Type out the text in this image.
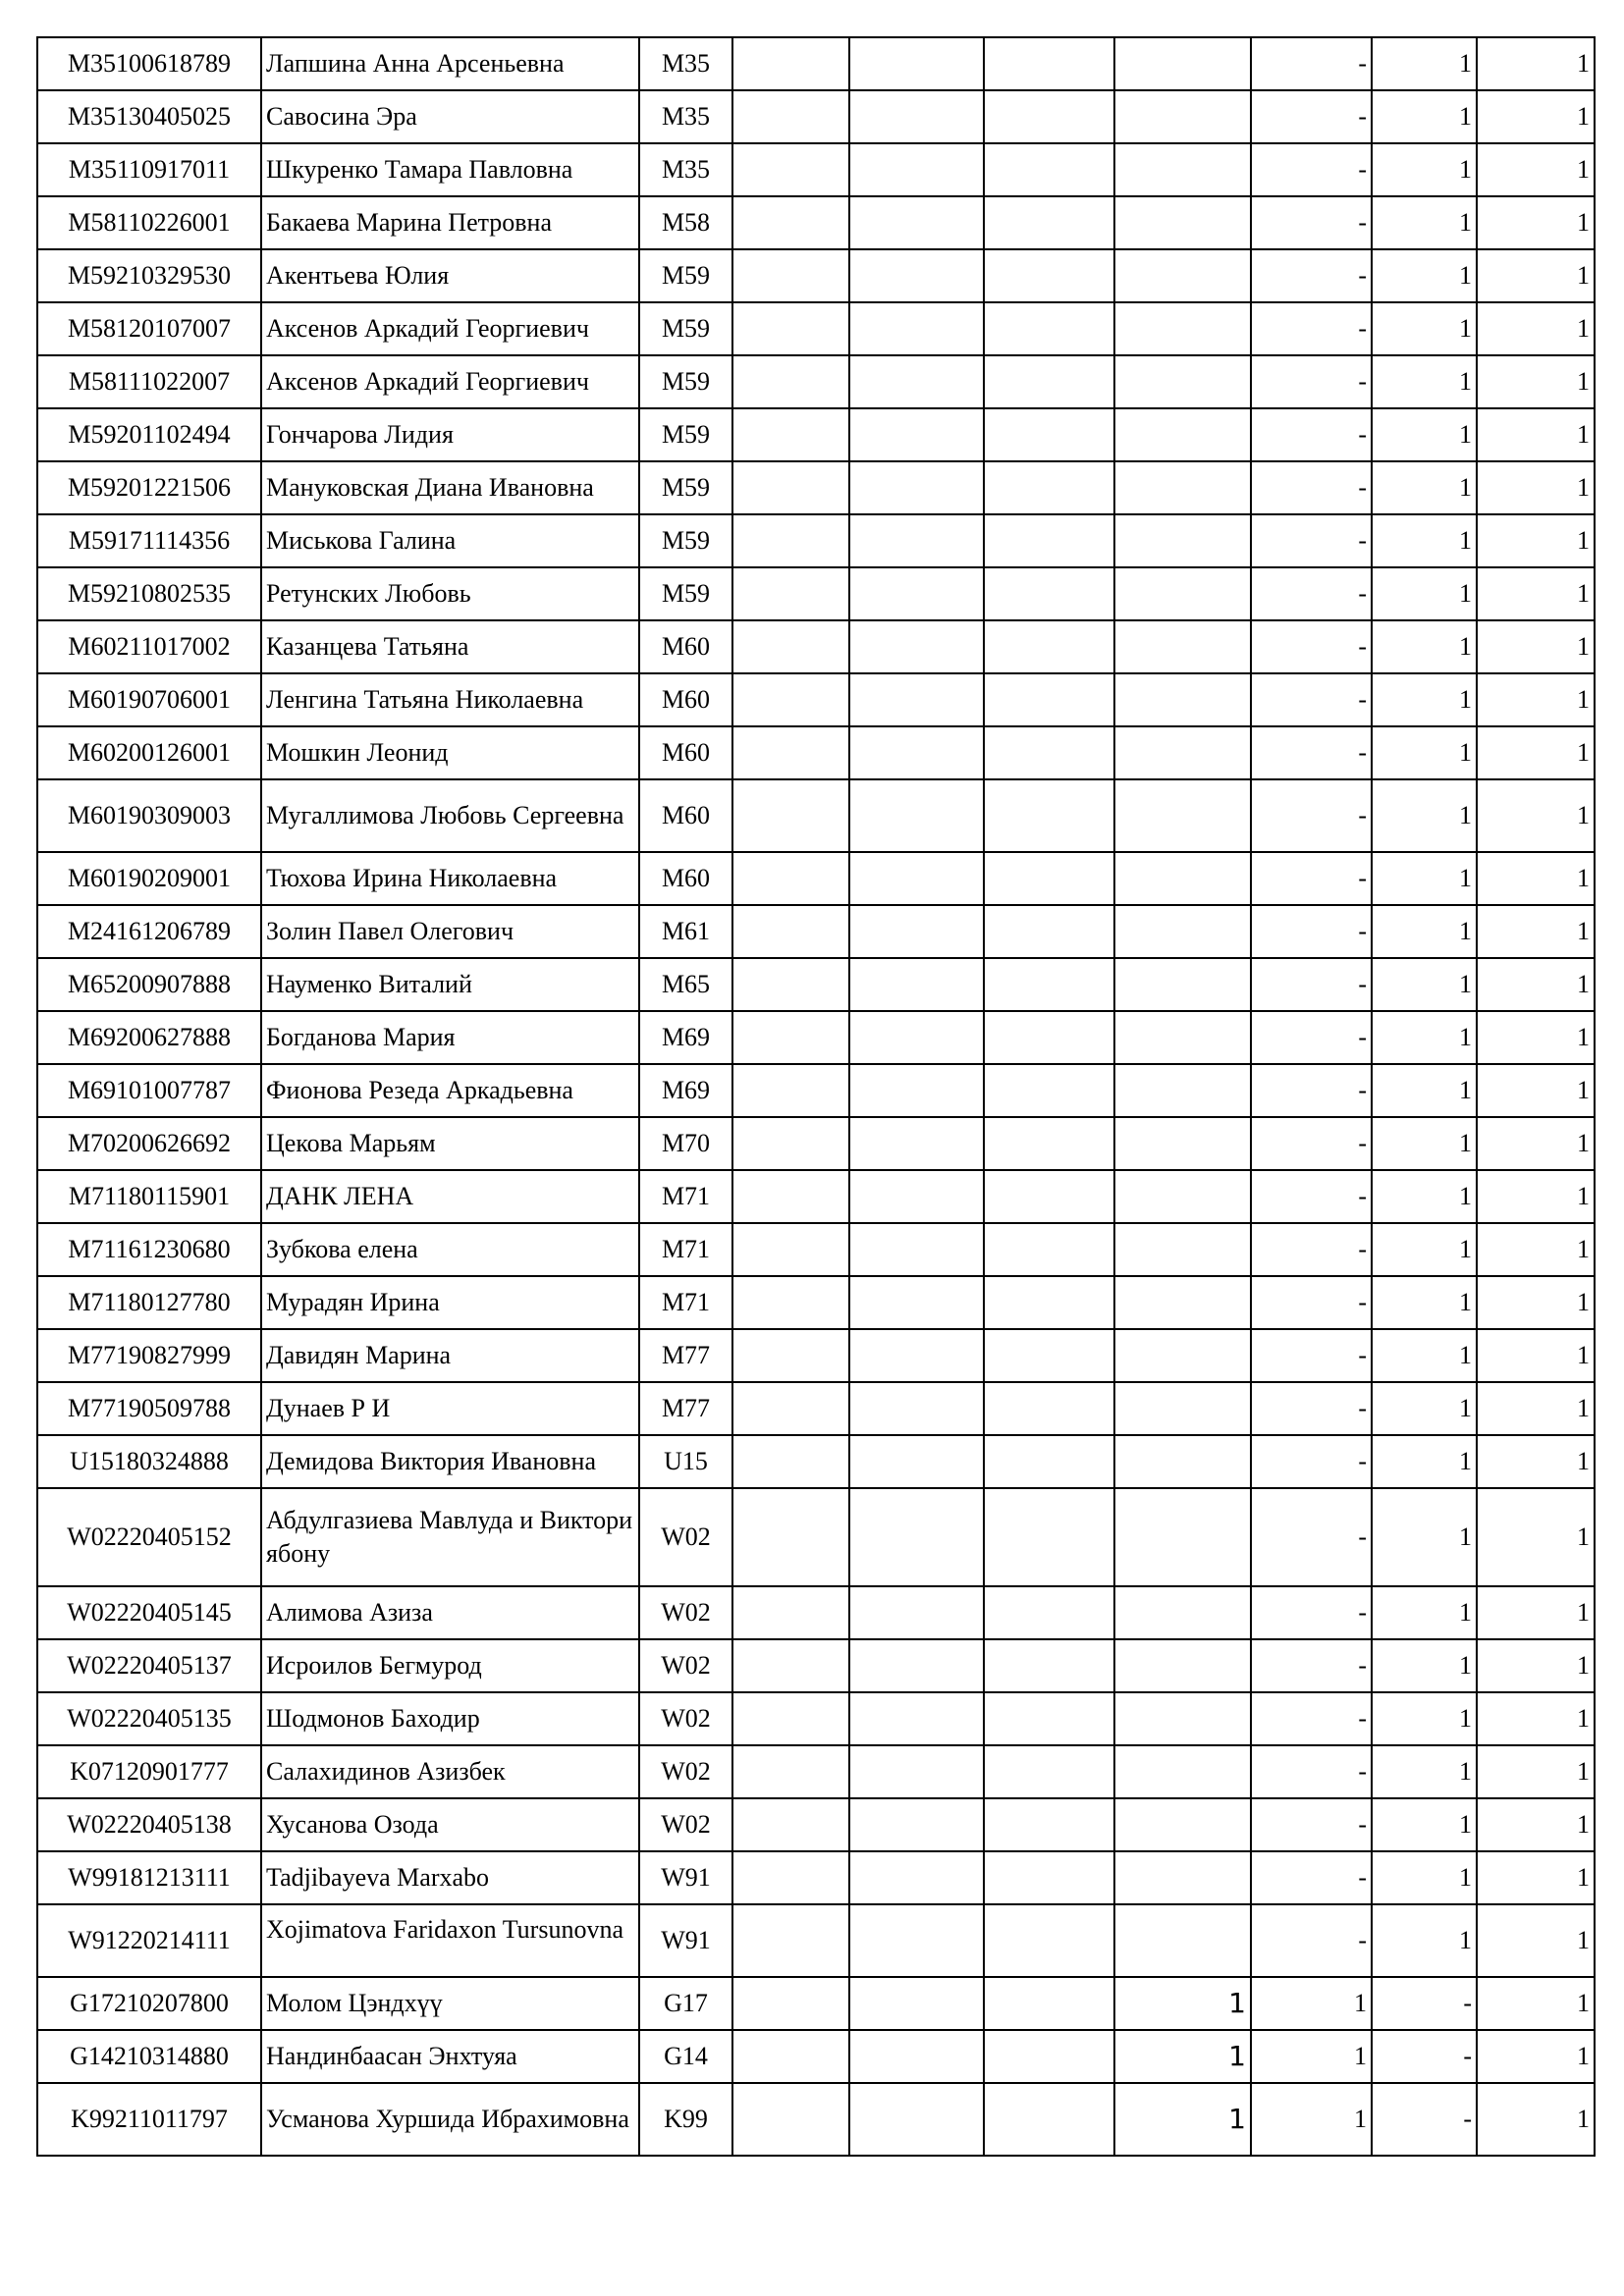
M35100618789	Лапшина Анна Арсеньевна	M35					-	1	1
M35130405025	Савосина Эра	M35					-	1	1
M35110917011	Шкуренко Тамара Павловна	M35					-	1	1
M58110226001	Бакаева Марина Петровна	M58					-	1	1
M59210329530	Акентьева Юлия	M59					-	1	1
M58120107007	Аксенов Аркадий Георгиевич	M59					-	1	1
M58111022007	Аксенов Аркадий Георгиевич	M59					-	1	1
M59201102494	Гончарова Лидия	M59					-	1	1
M59201221506	Мануковская Диана Ивановна	M59					-	1	1
M59171114356	Миськова Галина	M59					-	1	1
M59210802535	Ретунских Любовь	M59					-	1	1
M60211017002	Казанцева Татьяна	M60					-	1	1
M60190706001	Ленгина Татьяна Николаевна	M60					-	1	1
M60200126001	Мошкин Леонид	M60					-	1	1
M60190309003	Мугаллимова Любовь Сергеевна	M60					-	1	1
M60190209001	Тюхова Ирина Николаевна	M60					-	1	1
M24161206789	Золин Павел Олегович	M61					-	1	1
M65200907888	Науменко Виталий	M65					-	1	1
M69200627888	Богданова Мария	M69					-	1	1
M69101007787	Фионова Резеда Аркадьевна	M69					-	1	1
M70200626692	Цекова Марьям	M70					-	1	1
M71180115901	ДАНК ЛЕНА	M71					-	1	1
M71161230680	Зубкова елена	M71					-	1	1
M71180127780	Мурадян Ирина	M71					-	1	1
M77190827999	Давидян Марина	M77					-	1	1
M77190509788	Дунаев Р И	M77					-	1	1
U15180324888	Демидова Виктория Ивановна	U15					-	1	1
W02220405152	Абдулгазиева Мавлуда и Викториябону	W02					-	1	1
W02220405145	Алимова Азиза	W02					-	1	1
W02220405137	Исроилов Бегмурод	W02					-	1	1
W02220405135	Шодмонов Баходир	W02					-	1	1
K07120901777	Салахидинов Азизбек	W02					-	1	1
W02220405138	Хусанова Озода	W02					-	1	1
W99181213111	Tadjibayeva Marxabo	W91					-	1	1
W91220214111	Xojimatova Faridaxon Tursunovna	W91					-	1	1
G17210207800	Молом Цэндхүү	G17				1	1	-	1
G14210314880	Нандинбаасан Энхтуяа	G14				1	1	-	1
K99211011797	Усманова Хуршида Ибрахимовна	K99				1	1	-	1
